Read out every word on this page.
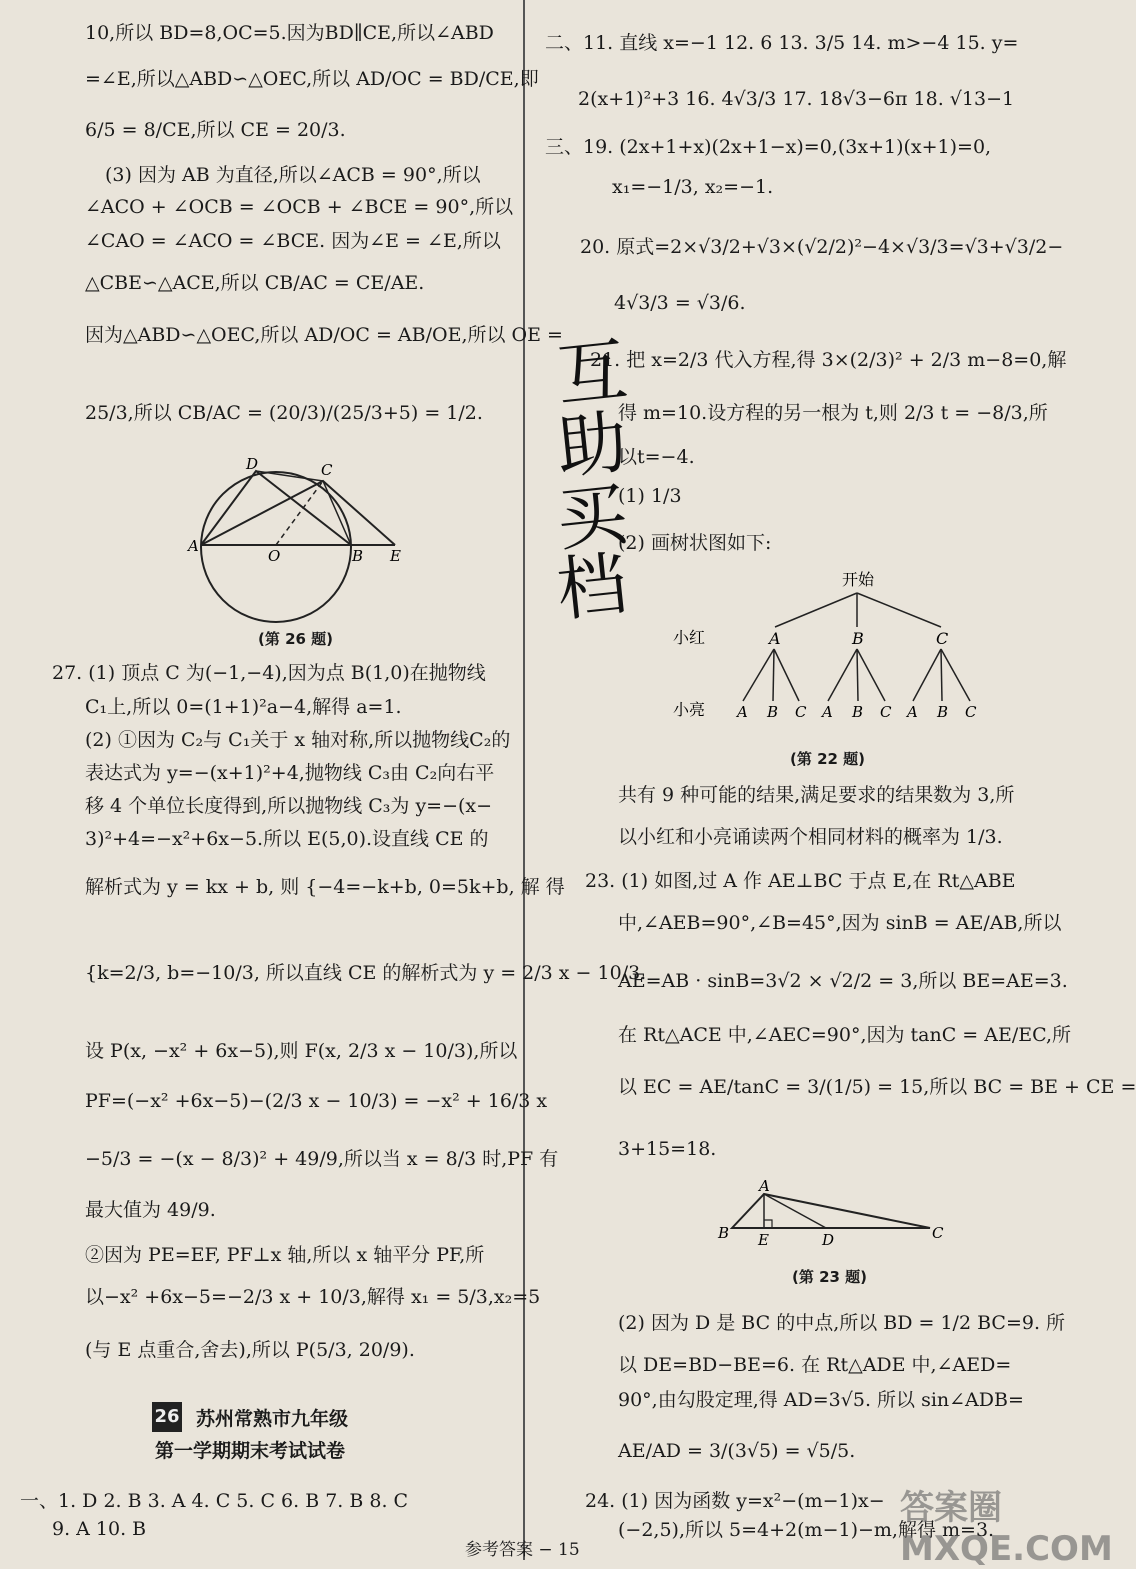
10,所以 BD=8,OC=5.因为BD∥CE,所以∠ABD
=∠E,所以△ABD∽△OEC,所以 AD/OC = BD/CE,即
6/5 = 8/CE,所以 CE = 20/3.
(3) 因为 AB 为直径,所以∠ACB = 90°,所以
∠ACO + ∠OCB = ∠OCB + ∠BCE = 90°,所以
∠CAO = ∠ACO = ∠BCE. 因为∠E = ∠E,所以
△CBE∽△ACE,所以 CB/AC = CE/AE.
因为△ABD∽△OEC,所以 AD/OC = AB/OE,所以 OE =
25/3,所以 CB/AC = (20/3)/(25/3+5) = 1/2.
D	C
A
O	B E
(第 26 题)
27. (1) 顶点 C 为(−1,−4),因为点 B(1,0)在抛物线
C₁上,所以 0=(1+1)²a−4,解得 a=1.
(2) ①因为 C₂与 C₁关于 x 轴对称,所以抛物线C₂的
表达式为 y=−(x+1)²+4,抛物线 C₃由 C₂向右平
移 4 个单位长度得到,所以抛物线 C₃为 y=−(x−
3)²+4=−x²+6x−5.所以 E(5,0).设直线 CE 的
解析式为 y = kx + b, 则 {−4=−k+b, 0=5k+b, 解 得
{k=2/3, b=−10/3, 所以直线 CE 的解析式为 y = 2/3 x − 10/3.
设 P(x, −x² + 6x−5),则 F(x, 2/3 x − 10/3),所以
PF=(−x² +6x−5)−(2/3 x − 10/3) = −x² + 16/3 x
−5/3 = −(x − 8/3)² + 49/9,所以当 x = 8/3 时,PF 有
最大值为 49/9.
②因为 PE=EF, PF⊥x 轴,所以 x 轴平分 PF,所
以−x² +6x−5=−2/3 x + 10/3,解得 x₁ = 5/3,x₂=5
(与 E 点重合,舍去),所以 P(5/3, 20/9).
26 苏州常熟市九年级
第一学期期末考试试卷
一、1. D 2. B 3. A 4. C 5. C 6. B 7. B 8. C
9. A 10. B
二、11. 直线 x=−1 12. 6 13. 3/5 14. m>−4 15. y=
2(x+1)²+3 16. 4√3/3 17. 18√3−6π 18. √13−1
三、19. (2x+1+x)(2x+1−x)=0,(3x+1)(x+1)=0,
x₁=−1/3, x₂=−1.
20. 原式=2×√3/2+√3×(√2/2)²−4×√3/3=√3+√3/2−
4√3/3 = √3/6.
21. 把 x=2/3 代入方程,得 3×(2/3)² + 2/3 m−8=0,解
得 m=10.设方程的另一根为 t,则 2/3 t = −8/3,所
以t=−4.
(1) 1/3
(2) 画树状图如下:
互
助
买
档	开始
小红
小亮
A	B	C
A B C A B C A B C
(第 22 题)
共有 9 种可能的结果,满足要求的结果数为 3,所
以小红和小亮诵读两个相同材料的概率为 1/3.
23. (1) 如图,过 A 作 AE⊥BC 于点 E,在 Rt△ABE
中,∠AEB=90°,∠B=45°,因为 sinB = AE/AB,所以
AE=AB · sinB=3√2 × √2/2 = 3,所以 BE=AE=3.
在 Rt△ACE 中,∠AEC=90°,因为 tanC = AE/EC,所
以 EC = AE/tanC = 3/(1/5) = 15,所以 BC = BE + CE =
3+15=18.
A
B E	D	C
(第 23 题)
(2) 因为 D 是 BC 的中点,所以 BD = 1/2 BC=9. 所
以 DE=BD−BE=6. 在 Rt△ADE 中,∠AED=
90°,由勾股定理,得 AD=3√5. 所以 sin∠ADB=
AE/AD = 3/(3√5) = √5/5.
24. (1) 因为函数 y=x²−(m−1)x−
(−2,5),所以 5=4+2(m−1)−m,解得 m=3.
参考答案 − 15
答案圈 MXQE.COM
